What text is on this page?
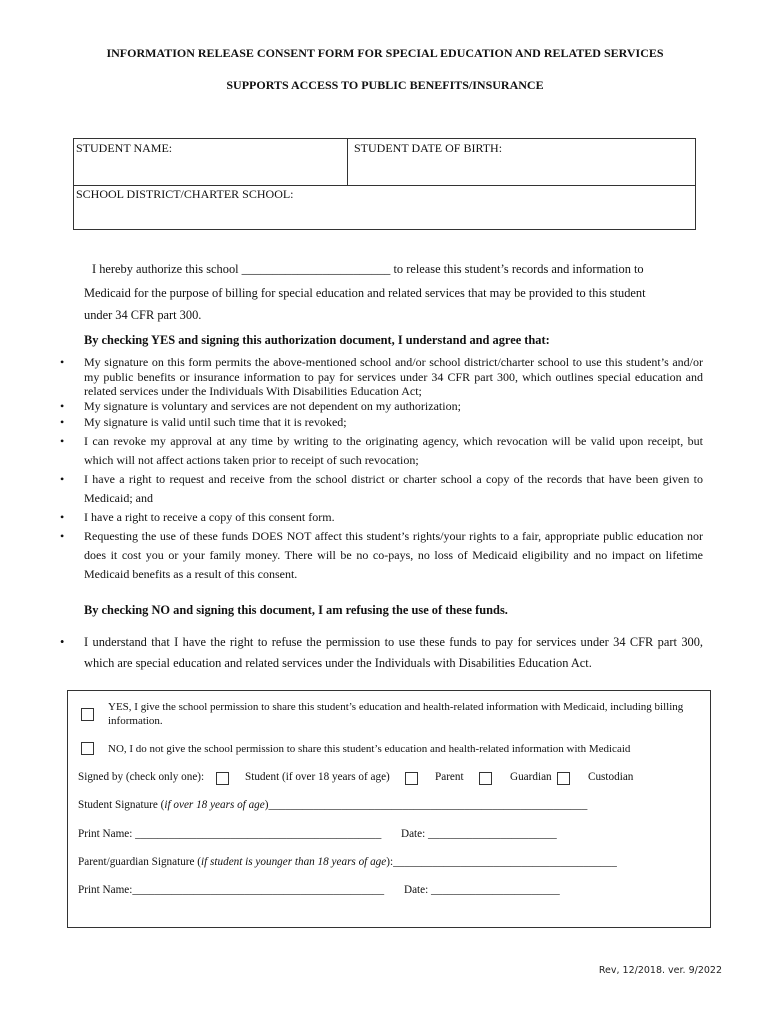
INFORMATION RELEASE CONSENT FORM FOR SPECIAL EDUCATION AND RELATED SERVICES
SUPPORTS ACCESS TO PUBLIC BENEFITS/INSURANCE
STUDENT NAME:	STUDENT DATE OF BIRTH:
SCHOOL DISTRICT/CHARTER SCHOOL:
I hereby authorize this school ________________________ to release this student’s records and information to
Medicaid for the purpose of billing for special education and related services that may be provided to this student
under 34 CFR part 300.
By checking YES and signing this authorization document, I understand and agree that:

• My signature on this form permits the above-mentioned school and/or school district/charter school to use this student’s and/or my public benefits or insurance information to pay for services under 34 CFR part 300, which outlines special education and related services under the Individuals With Disabilities Education Act;

• My signature is voluntary and services are not dependent on my authorization;

• My signature is valid until such time that it is revoked;

• I can revoke my approval at any time by writing to the originating agency, which revocation will be valid upon receipt, but which will not affect actions taken prior to receipt of such revocation;

• I have a right to request and receive from the school district or charter school a copy of the records that have been given to Medicaid; and

• I have a right to receive a copy of this consent form.

• Requesting the use of these funds DOES NOT affect this student’s rights/your rights to a fair, appropriate public education nor does it cost you or your family money. There will be no co-pays, no loss of Medicaid eligibility and no impact on lifetime Medicaid benefits as a result of this consent.

By checking NO and signing this document, I am refusing the use of these funds.

• I understand that I have the right to refuse the permission to use these funds to pay for services under 34 CFR part 300, which are special education and related services under the Individuals with Disabilities Education Act.

YES, I give the school permission to share this student’s education and health-related information with Medicaid, including billing information.
NO, I do not give the school permission to share this student’s education and health-related information with Medicaid
Signed by (check only one):	Student (if over 18 years of age)	Parent	Guardian	Custodian
Student Signature (if over 18 years of age)_________________________________________________________
Print Name: ____________________________________________ Date: _______________________
Parent/guardian Signature (if student is younger than 18 years of age):________________________________________
Print Name:_____________________________________________ Date: _______________________
Rev, 12/2018. ver. 9/2022
